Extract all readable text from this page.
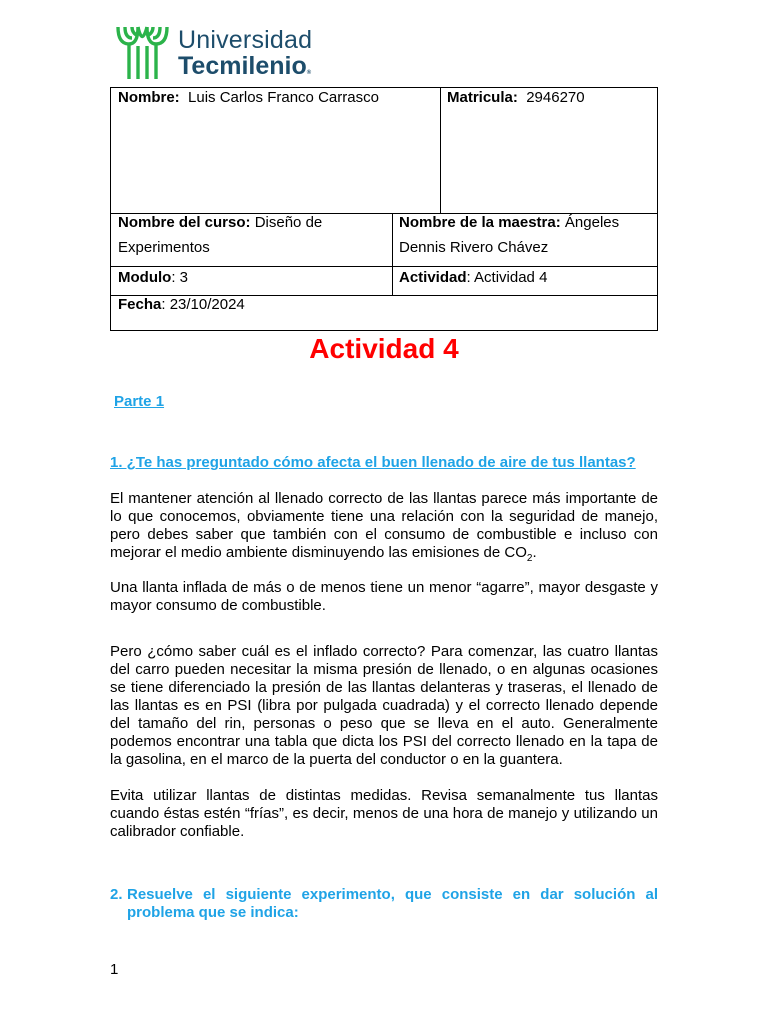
Universidad
Tecmilenio®
Nombre: Luis Carlos Franco Carrasco	Matricula: 2946270
Nombre del curso: Diseño de Experimentos
Nombre de la maestra: Ángeles Dennis Rivero Chávez
Modulo: 3	Actividad: Actividad 4
Fecha: 23/10/2024
Actividad 4
Parte 1
1. ¿Te has preguntado cómo afecta el buen llenado de aire de tus llantas?
El mantener atención al llenado correcto de las llantas parece más importante de lo que conocemos, obviamente tiene una relación con la seguridad de manejo, pero debes saber que también con el consumo de combustible e incluso con mejorar el medio ambiente disminuyendo las emisiones de $CO_2$.
Una llanta inflada de más o de menos tiene un menor “agarre”, mayor desgaste y mayor consumo de combustible.
Pero ¿cómo saber cuál es el inflado correcto? Para comenzar, las cuatro llantas del carro pueden necesitar la misma presión de llenado, o en algunas ocasiones se tiene diferenciado la presión de las llantas delanteras y traseras, el llenado de las llantas es en PSI (libra por pulgada cuadrada) y el correcto llenado depende del tamaño del rin, personas o peso que se lleva en el auto. Generalmente podemos encontrar una tabla que dicta los PSI del correcto llenado en la tapa de la gasolina, en el marco de la puerta del conductor o en la guantera.
Evita utilizar llantas de distintas medidas. Revisa semanalmente tus llantas cuando éstas estén “frías”, es decir, menos de una hora de manejo y utilizando un calibrador confiable.
2. Resuelve el siguiente experimento, que consiste en dar solución al problema que se indica:
1
